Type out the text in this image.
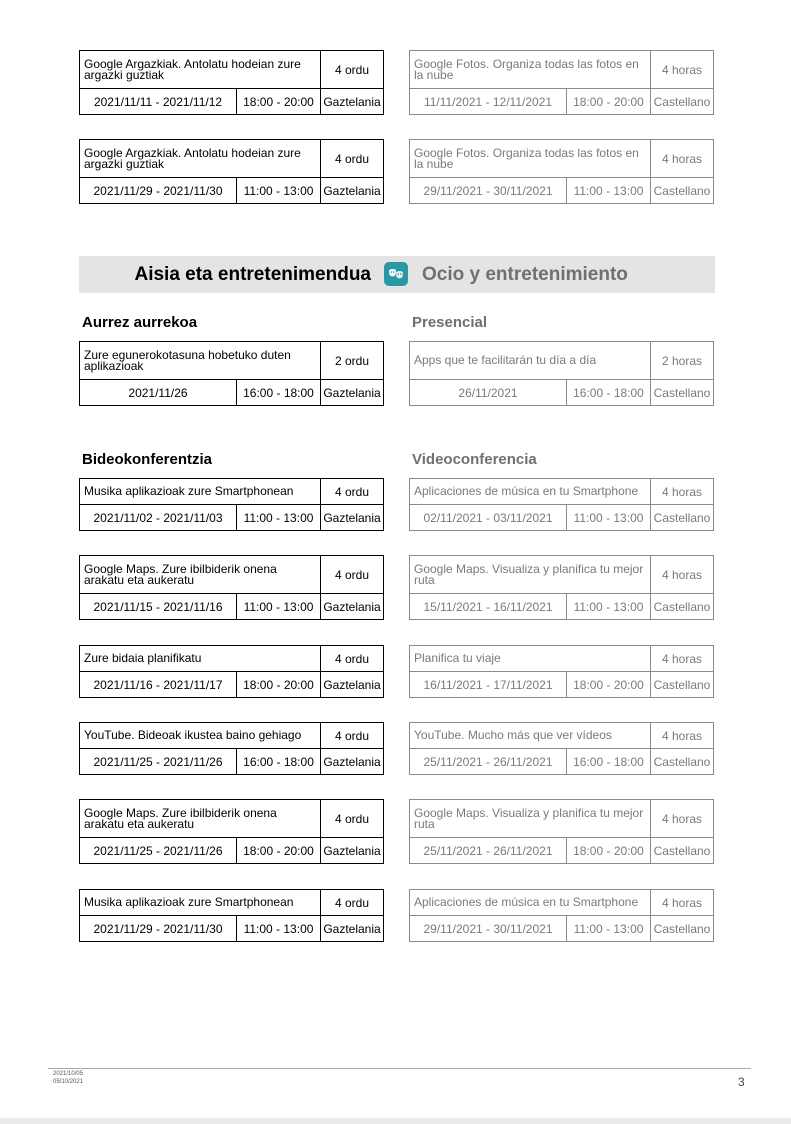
Google Argazkiak. Antolatu hodeian zure argazki guztiak		4 ordu
2021/11/11 - 2021/11/12	18:00 - 20:00	Gaztelania
Google Fotos. Organiza todas las fotos en la nube		4 horas
11/11/2021 - 12/11/2021	18:00 - 20:00	Castellano
Google Argazkiak. Antolatu hodeian zure argazki guztiak		4 ordu
2021/11/29 - 2021/11/30	11:00 - 13:00	Gaztelania
Google Fotos. Organiza todas las fotos en la nube		4 horas
29/11/2021 - 30/11/2021	11:00 - 13:00	Castellano
Zure egunerokotasuna hobetuko duten aplikazioak		2 ordu
2021/11/26	16:00 - 18:00	Gaztelania
Apps que te facilitarán tu día a día		2 horas
26/11/2021	16:00 - 18:00	Castellano
Musika aplikazioak zure Smartphonean		4 ordu
2021/11/02 - 2021/11/03	11:00 - 13:00	Gaztelania
Aplicaciones de música en tu Smartphone		4 horas
02/11/2021 - 03/11/2021	11:00 - 13:00	Castellano
Google Maps. Zure ibilbiderik onena arakatu eta aukeratu		4 ordu
2021/11/15 - 2021/11/16	11:00 - 13:00	Gaztelania
Google Maps. Visualiza y planifica tu mejor ruta		4 horas
15/11/2021 - 16/11/2021	11:00 - 13:00	Castellano
Zure bidaia planifikatu		4 ordu
2021/11/16 - 2021/11/17	18:00 - 20:00	Gaztelania
Planifica tu viaje		4 horas
16/11/2021 - 17/11/2021	18:00 - 20:00	Castellano
YouTube. Bideoak ikustea baino gehiago		4 ordu
2021/11/25 - 2021/11/26	16:00 - 18:00	Gaztelania
YouTube. Mucho más que ver vídeos		4 horas
25/11/2021 - 26/11/2021	16:00 - 18:00	Castellano
Google Maps. Zure ibilbiderik onena arakatu eta aukeratu		4 ordu
2021/11/25 - 2021/11/26	18:00 - 20:00	Gaztelania
Google Maps. Visualiza y planifica tu mejor ruta		4 horas
25/11/2021 - 26/11/2021	18:00 - 20:00	Castellano
Musika aplikazioak zure Smartphonean		4 ordu
2021/11/29 - 2021/11/30	11:00 - 13:00	Gaztelania
Aplicaciones de música en tu Smartphone		4 horas
29/11/2021 - 30/11/2021	11:00 - 13:00	Castellano
Aisia eta entretenimendua	Ocio y entretenimiento
Aurrez aurrekoa	Presencial
Bideokonferentzia	Videoconferencia
2021/10/05
05/10/2021	3
